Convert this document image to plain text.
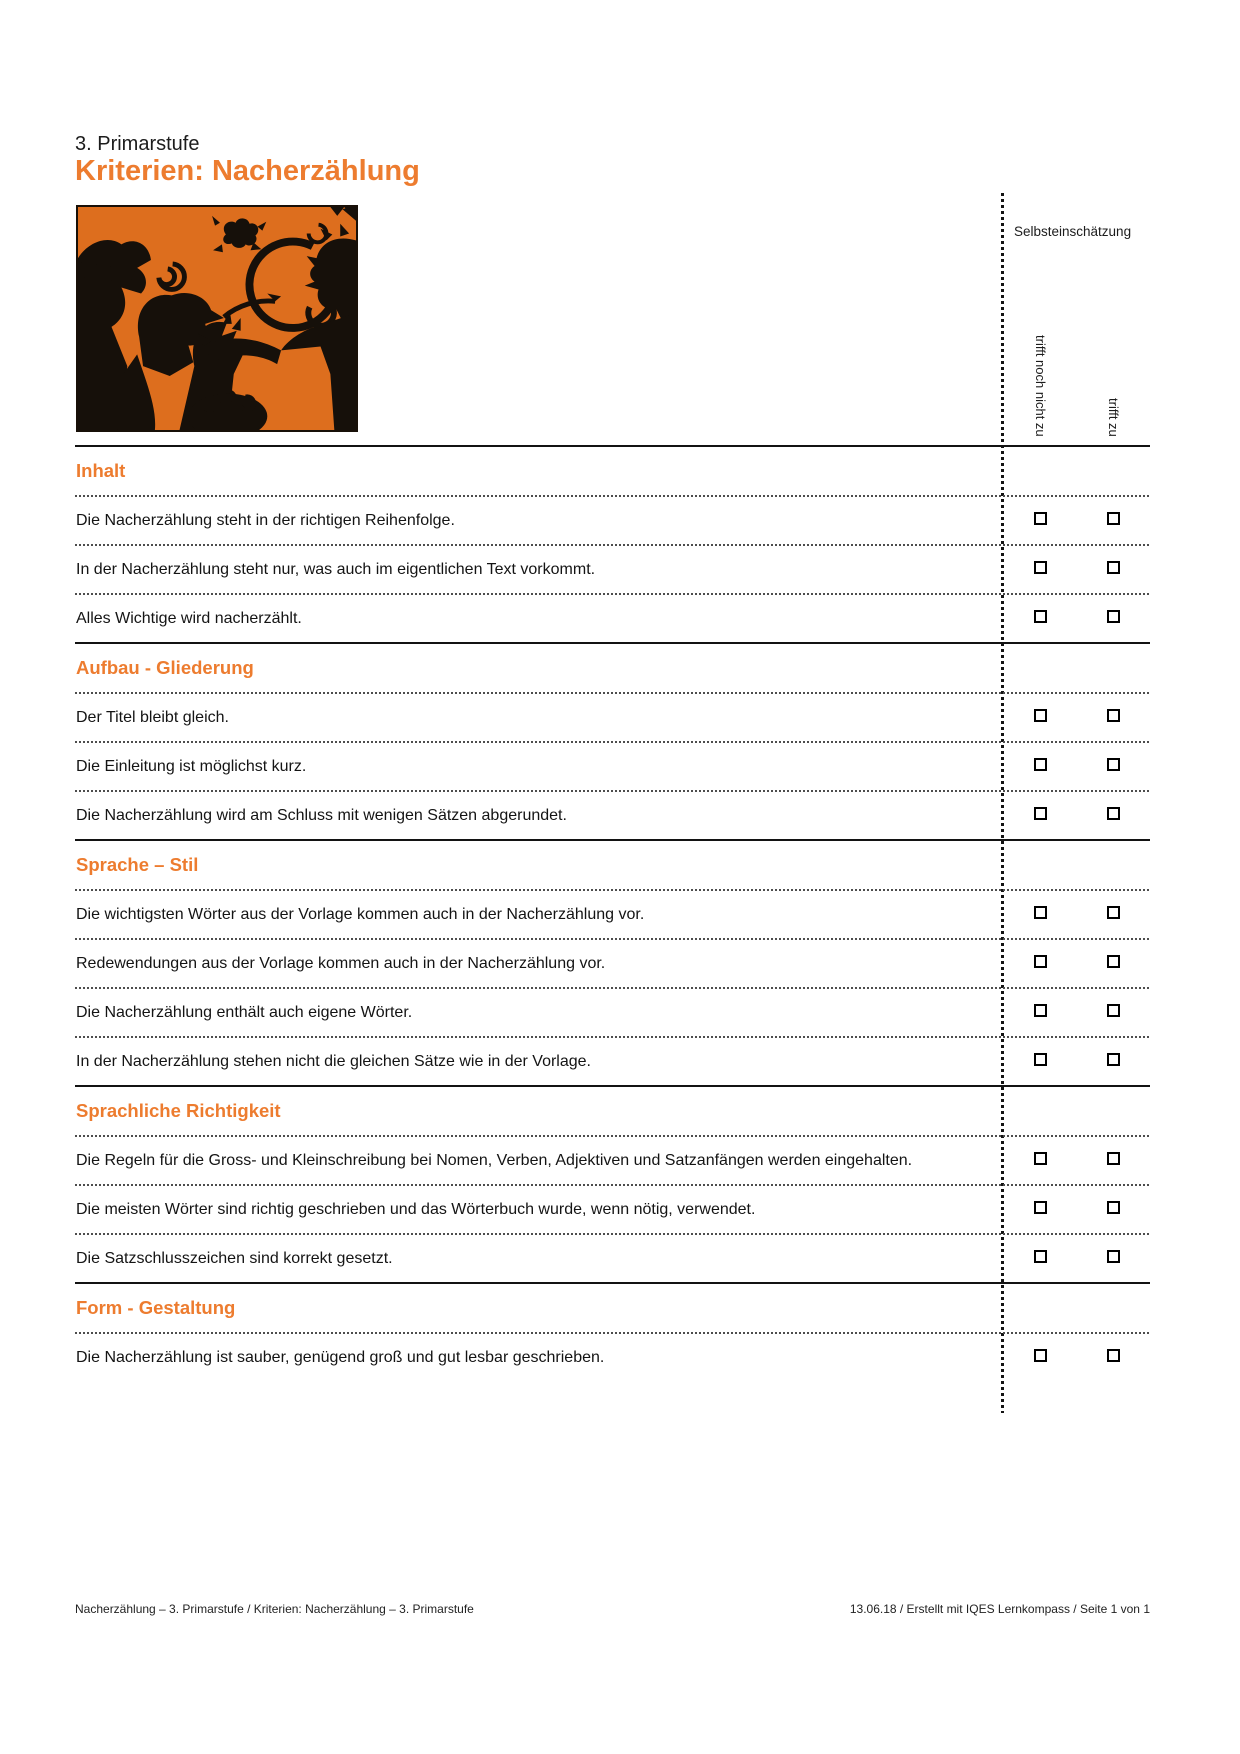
3. Primarstufe
Kriterien: Nacherzählung
Selbsteinschätzung
trifft noch nicht zu	trifft zu
Inhalt
Die Nacherzählung steht in der richtigen Reihenfolge.
In der Nacherzählung steht nur, was auch im eigentlichen Text vorkommt.
Alles Wichtige wird nacherzählt.
Aufbau - Gliederung
Der Titel bleibt gleich.
Die Einleitung ist möglichst kurz.
Die Nacherzählung wird am Schluss mit wenigen Sätzen abgerundet.
Sprache – Stil
Die wichtigsten Wörter aus der Vorlage kommen auch in der Nacherzählung vor.
Redewendungen aus der Vorlage kommen auch in der Nacherzählung vor.
Die Nacherzählung enthält auch eigene Wörter.
In der Nacherzählung stehen nicht die gleichen Sätze wie in der Vorlage.
Sprachliche Richtigkeit
Die Regeln für die Gross- und Kleinschreibung bei Nomen, Verben, Adjektiven und Satzanfängen werden eingehalten.
Die meisten Wörter sind richtig geschrieben und das Wörterbuch wurde, wenn nötig, verwendet.
Die Satzschlusszeichen sind korrekt gesetzt.
Form - Gestaltung
Die Nacherzählung ist sauber, genügend groß und gut lesbar geschrieben.
Nacherzählung – 3. Primarstufe / Kriterien: Nacherzählung – 3. Primarstufe	13.06.18 / Erstellt mit IQES Lernkompass / Seite 1 von 1
